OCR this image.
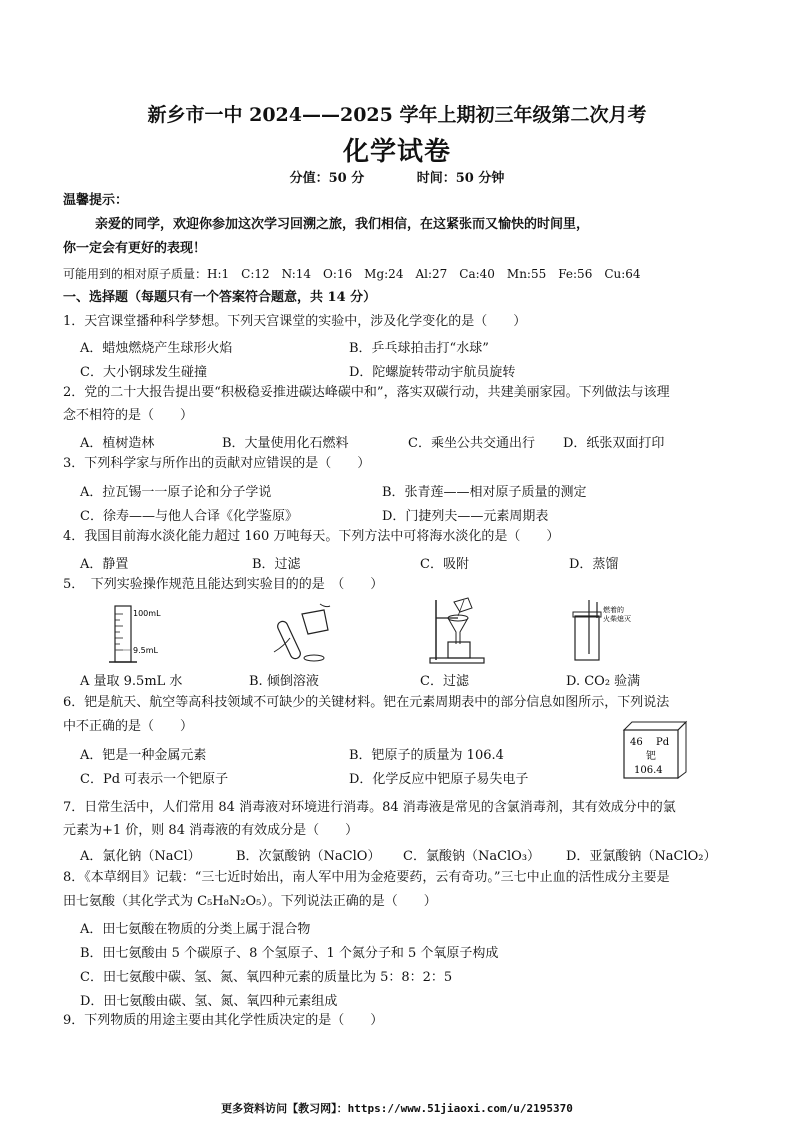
新乡市一中 2024——2025 学年上期初三年级第二次月考
化学试卷
分值：50 分	时间：50 分钟
温馨提示：
亲爱的同学，欢迎你参加这次学习回溯之旅，我们相信，在这紧张而又愉快的时间里，
你一定会有更好的表现！
可能用到的相对原子质量：H:1　C:12　N:14　O:16　Mg:24　Al:27　Ca:40　Mn:55　Fe:56　Cu:64
一、选择题（每题只有一个答案符合题意，共 14 分）
1．天宫课堂播种科学梦想。下列天宫课堂的实验中，涉及化学变化的是（　　）
A．蜡烛燃烧产生球形火焰	B．乒乓球拍击打“水球”
C．大小钢球发生碰撞	D．陀螺旋转带动宇航员旋转
2．党的二十大报告提出要“积极稳妥推进碳达峰碳中和”，落实双碳行动，共建美丽家园。下列做法与该理
念不相符的是（　　）
A．植树造林	B．大量使用化石燃料	C．乘坐公共交通出行 D．纸张双面打印
3．下列科学家与所作出的贡献对应错误的是（　　）
A．拉瓦锡一一原子论和分子学说	B．张青莲——相对原子质量的测定
C．徐寿——与他人合译《化学鉴原》	D．门捷列夫——元素周期表
4．我国目前海水淡化能力超过 160 万吨每天。下列方法中可将海水淡化的是（　　）
A．静置	B．过滤	C．吸附	D．蒸馏
5．　下列实验操作规范且能达到实验目的的是　（　　）
100mL
9.5mL
燃着的
火柴熄灭
A 量取 9.5mL 水	B. 倾倒溶液	C．过滤	D. CO₂ 验满
6．钯是航天、航空等高科技领域不可缺少的关键材料。钯在元素周期表中的部分信息如图所示，下列说法
中不正确的是（　　）
A．钯是一种金属元素	B．钯原子的质量为 106.4
C．Pd 可表示一个钯原子	D．化学反应中钯原子易失电子
46 Pd
钯
106.4
7．日常生活中，人们常用 84 消毒液对环境进行消毒。84 消毒液是常见的含氯消毒剂，其有效成分中的氯
元素为+1 价，则 84 消毒液的有效成分是（　　）
A．氯化钠（NaCl）	B．次氯酸钠（NaClO） C．氯酸钠（NaClO₃） D．亚氯酸钠（NaClO₂）
8．《本草纲目》记载：“三七近时始出，南人军中用为金疮要药，云有奇功。”三七中止血的活性成分主要是
田七氨酸（其化学式为 C₅H₈N₂O₅）。下列说法正确的是（　　）
A．田七氨酸在物质的分类上属于混合物
B．田七氨酸由 5 个碳原子、8 个氢原子、1 个氮分子和 5 个氧原子构成
C．田七氨酸中碳、氢、氮、氧四种元素的质量比为 5：8：2：5
D．田七氨酸由碳、氢、氮、氧四种元素组成
9．下列物质的用途主要由其化学性质决定的是（　　）
更多资料访问【教习网】：https://www.51jiaoxi.com/u/2195370
